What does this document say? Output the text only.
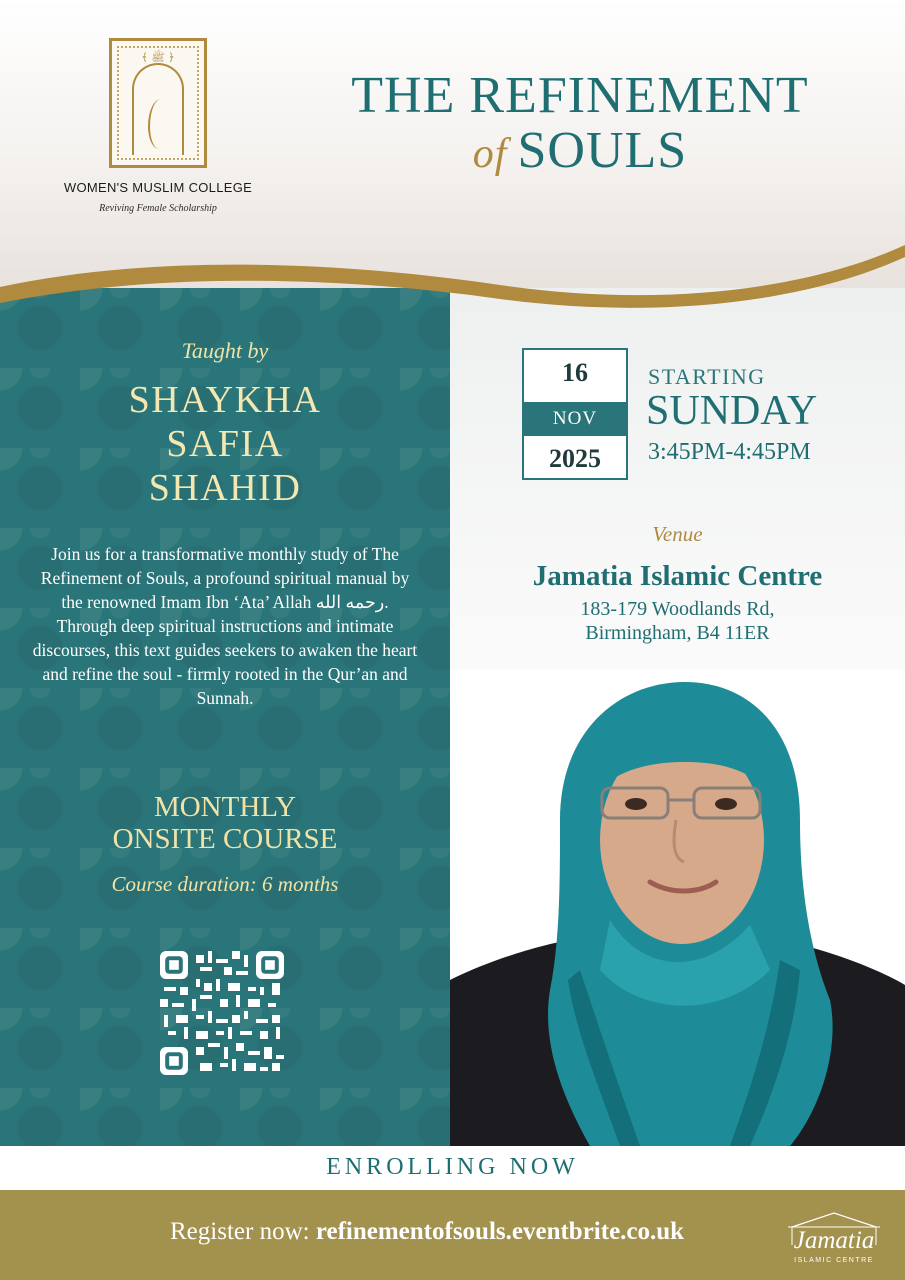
﴾ ﷺ ﴿
WOMEN'S MUSLIM COLLEGE
Reviving Female Scholarship
THE REFINEMENT
of SOULS
Taught by
SHAYKHA
SAFIA
SHAHID
Join us for a transformative monthly study of The Refinement of Souls, a profound spiritual manual by the renowned Imam Ibn ‘Ata’ Allah رحمه الله. Through deep spiritual instructions and intimate discourses, this text guides seekers to awaken the heart and refine the soul - firmly rooted in the Qur’an and Sunnah.
MONTHLY
ONSITE COURSE
Course duration: 6 months
16
NOV
2025
STARTING
SUNDAY
3:45PM-4:45PM
Venue
Jamatia Islamic Centre
183-179 Woodlands Rd,
Birmingham, B4 11ER
ENROLLING NOW
Register now: refinementofsouls.eventbrite.co.uk	Jamatia
ISLAMIC CENTRE
